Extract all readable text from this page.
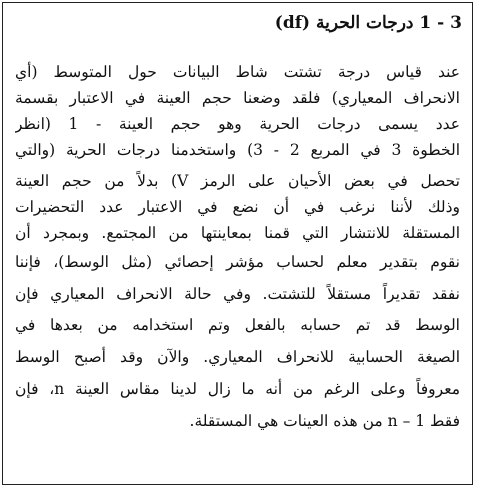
3 - 1 درجات الحرية (df)

عند قياس درجة تشتت شاط البيانات حول المتوسط (أي

الانحراف المعياري) فلقد وضعنا حجم العينة في الاعتبار بقسمة

عدد يسمى درجات الحرية وهو حجم العينة - 1 (انظر

الخطوة 3 في المربع 2 - 3) واستخدمنا درجات الحرية (والتي

تحصل في بعض الأحيان على الرمز V) بدلاً من حجم العينة

وذلك لأننا نرغب في أن نضع في الاعتبار عدد التحضيرات

المستقلة للانتشار التي قمنا بمعاينتها من المجتمع. وبمجرد أن

نقوم بتقدير معلم لحساب مؤشر إحصائي (مثل الوسط)، فإننا

نفقد تقديراً مستقلاً للتشتت. وفي حالة الانحراف المعياري فإن

الوسط قد تم حسابه بالفعل وتم استخدامه من بعدها في

الصيغة الحسابية للانحراف المعياري. والآن وقد أصبح الوسط

معروفاً وعلى الرغم من أنه ما زال لدينا مقاس العينة n، فإن

فقط n – 1 من هذه العينات هي المستقلة.
